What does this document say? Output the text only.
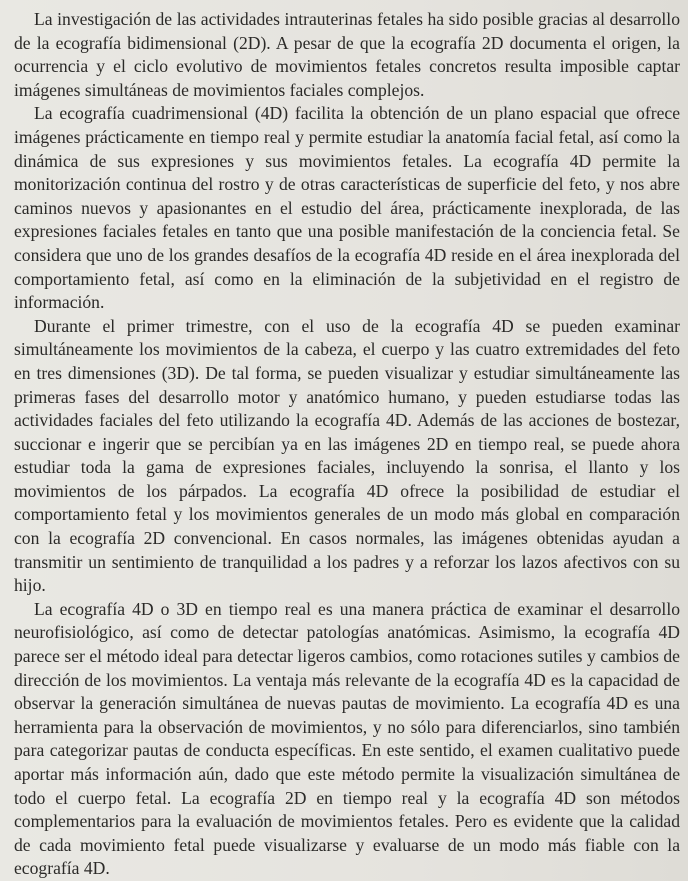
La investigación de las actividades intrauterinas fetales ha sido posible gracias al desarrollo de la ecografía bidimensional (2D). A pesar de que la ecografía 2D documenta el origen, la ocurrencia y el ciclo evolutivo de movimientos fetales concretos resulta imposible captar imágenes simultáneas de movimientos faciales complejos.

La ecografía cuadrimensional (4D) facilita la obtención de un plano espacial que ofrece imágenes prácticamente en tiempo real y permite estudiar la anatomía facial fetal, así como la dinámica de sus expresiones y sus movimientos fetales. La ecografía 4D permite la monitorización continua del rostro y de otras características de superficie del feto, y nos abre caminos nuevos y apasionantes en el estudio del área, prácticamente inexplorada, de las expresiones faciales fetales en tanto que una posible manifestación de la conciencia fetal. Se considera que uno de los grandes desafíos de la ecografía 4D reside en el área inexplorada del comportamiento fetal, así como en la eliminación de la subjetividad en el registro de información.

Durante el primer trimestre, con el uso de la ecografía 4D se pueden examinar simultáneamente los movimientos de la cabeza, el cuerpo y las cuatro extremidades del feto en tres dimensiones (3D). De tal forma, se pueden visualizar y estudiar simultáneamente las primeras fases del desarrollo motor y anatómico humano, y pueden estudiarse todas las actividades faciales del feto utilizando la ecografía 4D. Además de las acciones de bostezar, succionar e ingerir que se percibían ya en las imágenes 2D en tiempo real, se puede ahora estudiar toda la gama de expresiones faciales, incluyendo la sonrisa, el llanto y los movimientos de los párpados. La ecografía 4D ofrece la posibilidad de estudiar el comportamiento fetal y los movimientos generales de un modo más global en comparación con la ecografía 2D convencional. En casos normales, las imágenes obtenidas ayudan a transmitir un sentimiento de tranquilidad a los padres y a reforzar los lazos afectivos con su hijo.

La ecografía 4D o 3D en tiempo real es una manera práctica de examinar el desarrollo neurofisiológico, así como de detectar patologías anatómicas. Asimismo, la ecografía 4D parece ser el método ideal para detectar ligeros cambios, como rotaciones sutiles y cambios de dirección de los movimientos. La ventaja más relevante de la ecografía 4D es la capacidad de observar la generación simultánea de nuevas pautas de movimiento. La ecografía 4D es una herramienta para la observación de movimientos, y no sólo para diferenciarlos, sino también para categorizar pautas de conducta específicas. En este sentido, el examen cualitativo puede aportar más información aún, dado que este método permite la visualización simultánea de todo el cuerpo fetal. La ecografía 2D en tiempo real y la ecografía 4D son métodos complementarios para la evaluación de movimientos fetales. Pero es evidente que la calidad de cada movimiento fetal puede visualizarse y evaluarse de un modo más fiable con la ecografía 4D.
